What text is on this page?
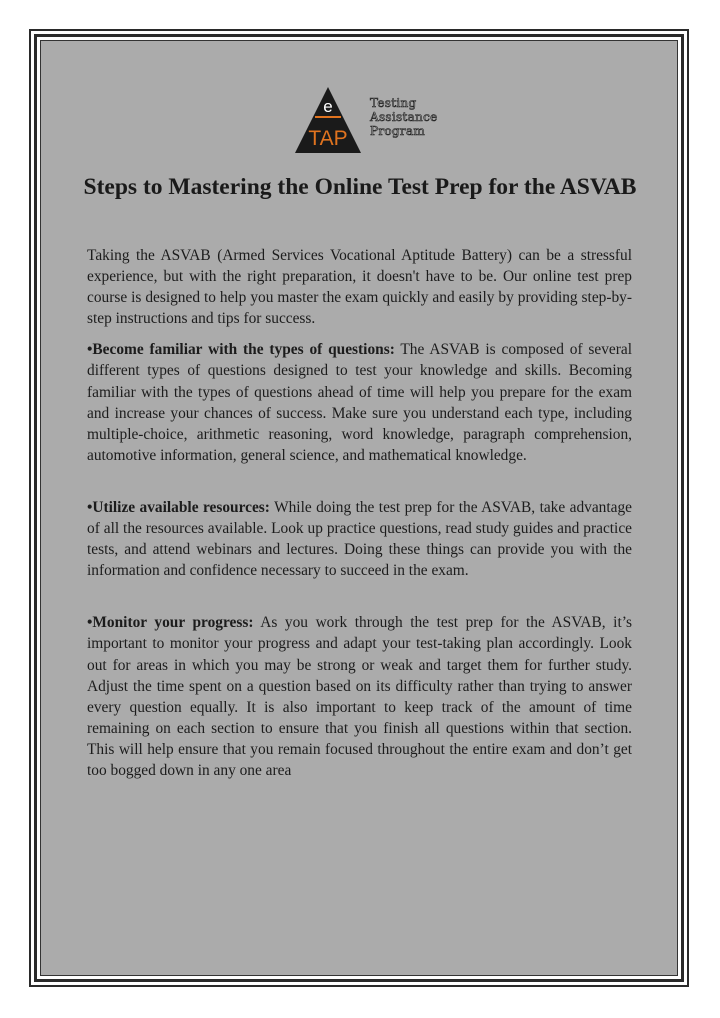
e
TAP
Testing
Assistance
Program
Steps to Mastering the Online Test Prep for the ASVAB

Taking the ASVAB (Armed Services Vocational Aptitude Battery) can be a stressful experience, but with the right preparation, it doesn't have to be. Our online test prep course is designed to help you master the exam quickly and easily by providing step-by-step instructions and tips for success.

•Become familiar with the types of questions: The ASVAB is composed of several different types of questions designed to test your knowledge and skills. Becoming familiar with the types of questions ahead of time will help you prepare for the exam and increase your chances of success. Make sure you understand each type, including multiple-choice, arithmetic reasoning, word knowledge, paragraph comprehension, automotive information, general science, and mathematical knowledge.

•Utilize available resources: While doing the test prep for the ASVAB, take advantage of all the resources available. Look up practice questions, read study guides and practice tests, and attend webinars and lectures. Doing these things can provide you with the information and confidence necessary to succeed in the exam.

•Monitor your progress: As you work through the test prep for the ASVAB, it’s important to monitor your progress and adapt your test-taking plan accordingly. Look out for areas in which you may be strong or weak and target them for further study. Adjust the time spent on a question based on its difficulty rather than trying to answer every question equally. It is also important to keep track of the amount of time remaining on each section to ensure that you finish all questions within that section. This will help ensure that you remain focused throughout the entire exam and don’t get too bogged down in any one area
